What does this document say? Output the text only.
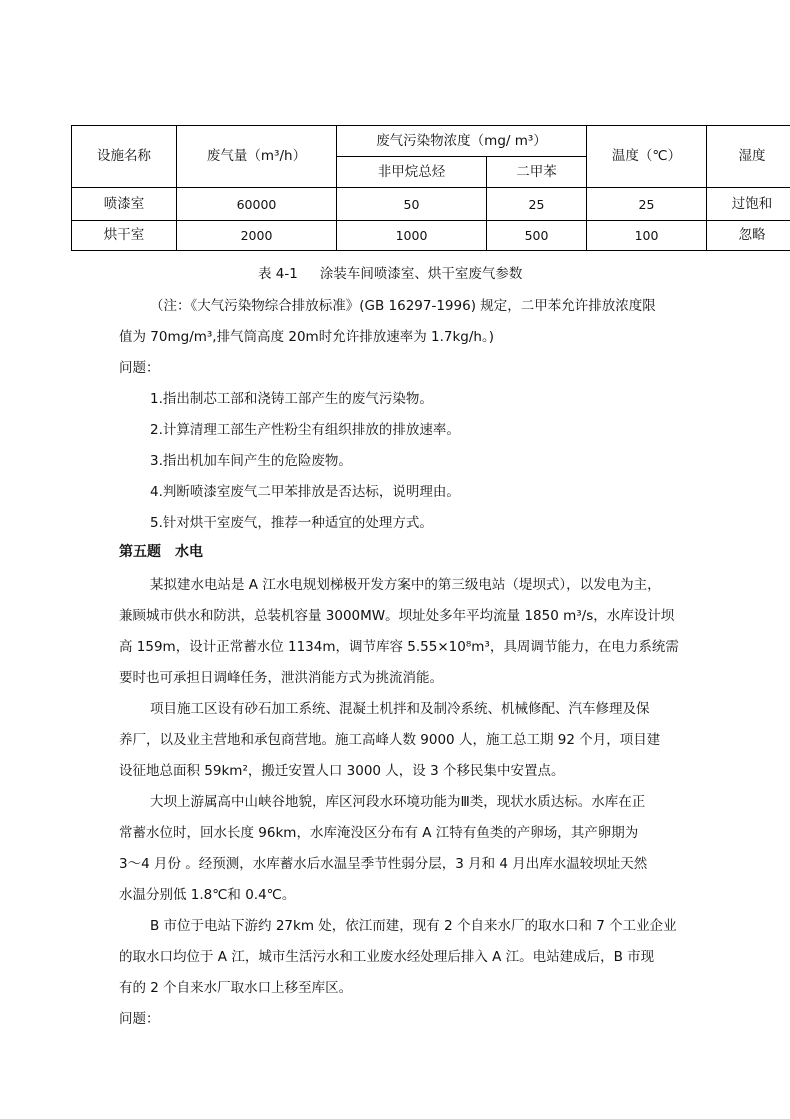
设施名称	废气量（m³/h）	废气污染物浓度（mg/ m³）		温度（℃）	湿度
		非甲烷总烃	二甲苯		
喷漆室	60000	50	25	25	过饱和
烘干室	2000	1000	500	100	忽略
表 4-1 涂装车间喷漆室、烘干室废气参数
（注：《大气污染物综合排放标准》(GB 16297-1996) 规定，二甲苯允许排放浓度限
值为 70mg/m³,排气筒高度 20m时允许排放速率为 1.7kg/h。)
问题：
1.指出制芯工部和浇铸工部产生的废气污染物。
2.计算清理工部生产性粉尘有组织排放的排放速率。
3.指出机加车间产生的危险废物。
4.判断喷漆室废气二甲苯排放是否达标，说明理由。
5.针对烘干室废气，推荐一种适宜的处理方式。
第五题 水电
某拟建水电站是 A 江水电规划梯极开发方案中的第三级电站（堤坝式），以发电为主，
兼顾城市供水和防洪，总装机容量 3000MW。坝址处多年平均流量 1850 m³/s，水库设计坝
高 159m，设计正常蓄水位 1134m，调节库容 5.55×10⁸m³，具周调节能力，在电力系统需
要时也可承担日调峰任务，泄洪消能方式为挑流消能。
项目施工区设有砂石加工系统、混凝土机拌和及制冷系统、机械修配、汽车修理及保
养厂，以及业主营地和承包商营地。施工高峰人数 9000 人，施工总工期 92 个月，项目建
设征地总面积 59km²，搬迁安置人口 3000 人，设 3 个移民集中安置点。
大坝上游属高中山峡谷地貌，库区河段水环境功能为Ⅲ类，现状水质达标。水库在正
常蓄水位时，回水长度 96km，水库淹没区分布有 A 江特有鱼类的产卵场，其产卵期为
3～4 月份 。经预测，水库蓄水后水温呈季节性弱分层，3 月和 4 月出库水温较坝址天然
水温分别低 1.8℃和 0.4℃。
B 市位于电站下游约 27km 处，依江而建，现有 2 个自来水厂的取水口和 7 个工业企业
的取水口均位于 A 江，城市生活污水和工业废水经处理后排入 A 江。电站建成后，B 市现
有的 2 个自来水厂取水口上移至库区。
问题：
